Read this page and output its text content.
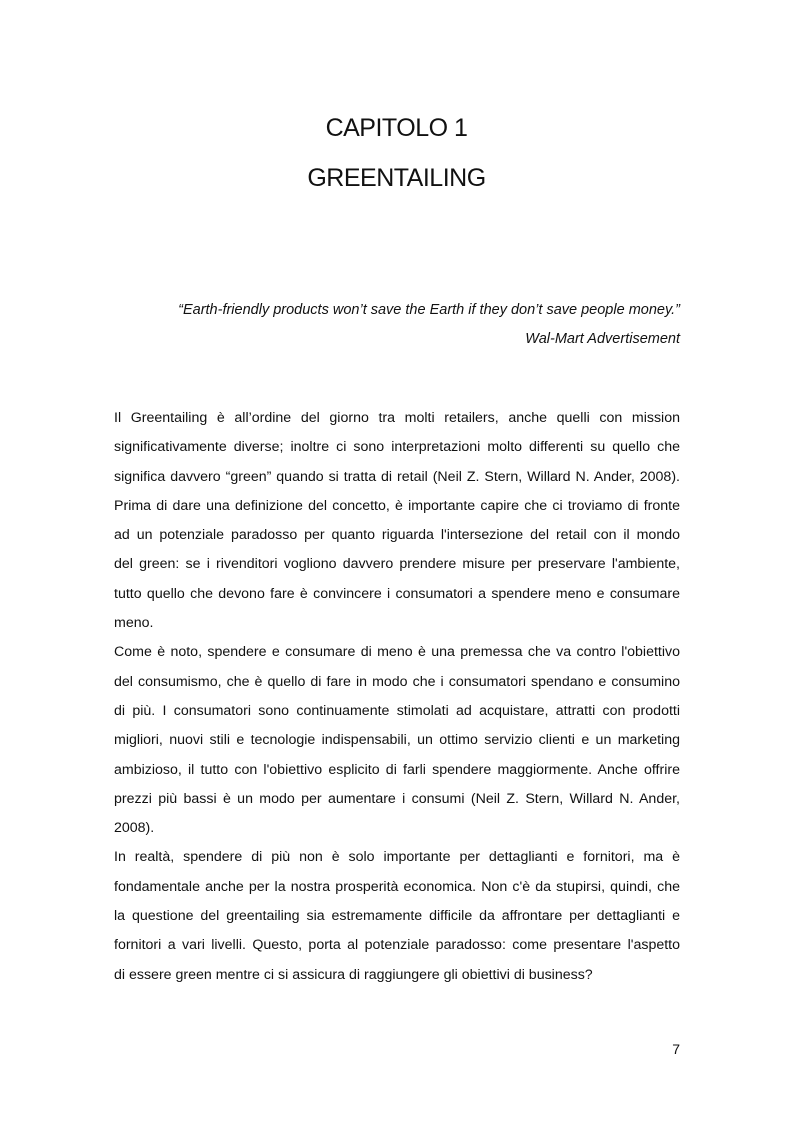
CAPITOLO 1
GREENTAILING
“Earth-friendly products won’t save the Earth if they don’t save people money.”
Wal-Mart Advertisement
Il Greentailing è all’ordine del giorno tra molti retailers, anche quelli con mission
significativamente diverse; inoltre ci sono interpretazioni molto differenti su quello che
significa davvero “green” quando si tratta di retail (Neil Z. Stern, Willard N. Ander, 2008).
Prima di dare una definizione del concetto, è importante capire che ci troviamo di fronte
ad un potenziale paradosso per quanto riguarda l'intersezione del retail con il mondo
del green: se i rivenditori vogliono davvero prendere misure per preservare l'ambiente,
tutto quello che devono fare è convincere i consumatori a spendere meno e consumare
meno.
Come è noto, spendere e consumare di meno è una premessa che va contro l'obiettivo
del consumismo, che è quello di fare in modo che i consumatori spendano e consumino
di più. I consumatori sono continuamente stimolati ad acquistare, attratti con prodotti
migliori, nuovi stili e tecnologie indispensabili, un ottimo servizio clienti e un marketing
ambizioso, il tutto con l'obiettivo esplicito di farli spendere maggiormente. Anche offrire
prezzi più bassi è un modo per aumentare i consumi (Neil Z. Stern, Willard N. Ander,
2008).
In realtà, spendere di più non è solo importante per dettaglianti e fornitori, ma è
fondamentale anche per la nostra prosperità economica. Non c'è da stupirsi, quindi, che
la questione del greentailing sia estremamente difficile da affrontare per dettaglianti e
fornitori a vari livelli. Questo, porta al potenziale paradosso: come presentare l'aspetto
di essere green mentre ci si assicura di raggiungere gli obiettivi di business?
7
